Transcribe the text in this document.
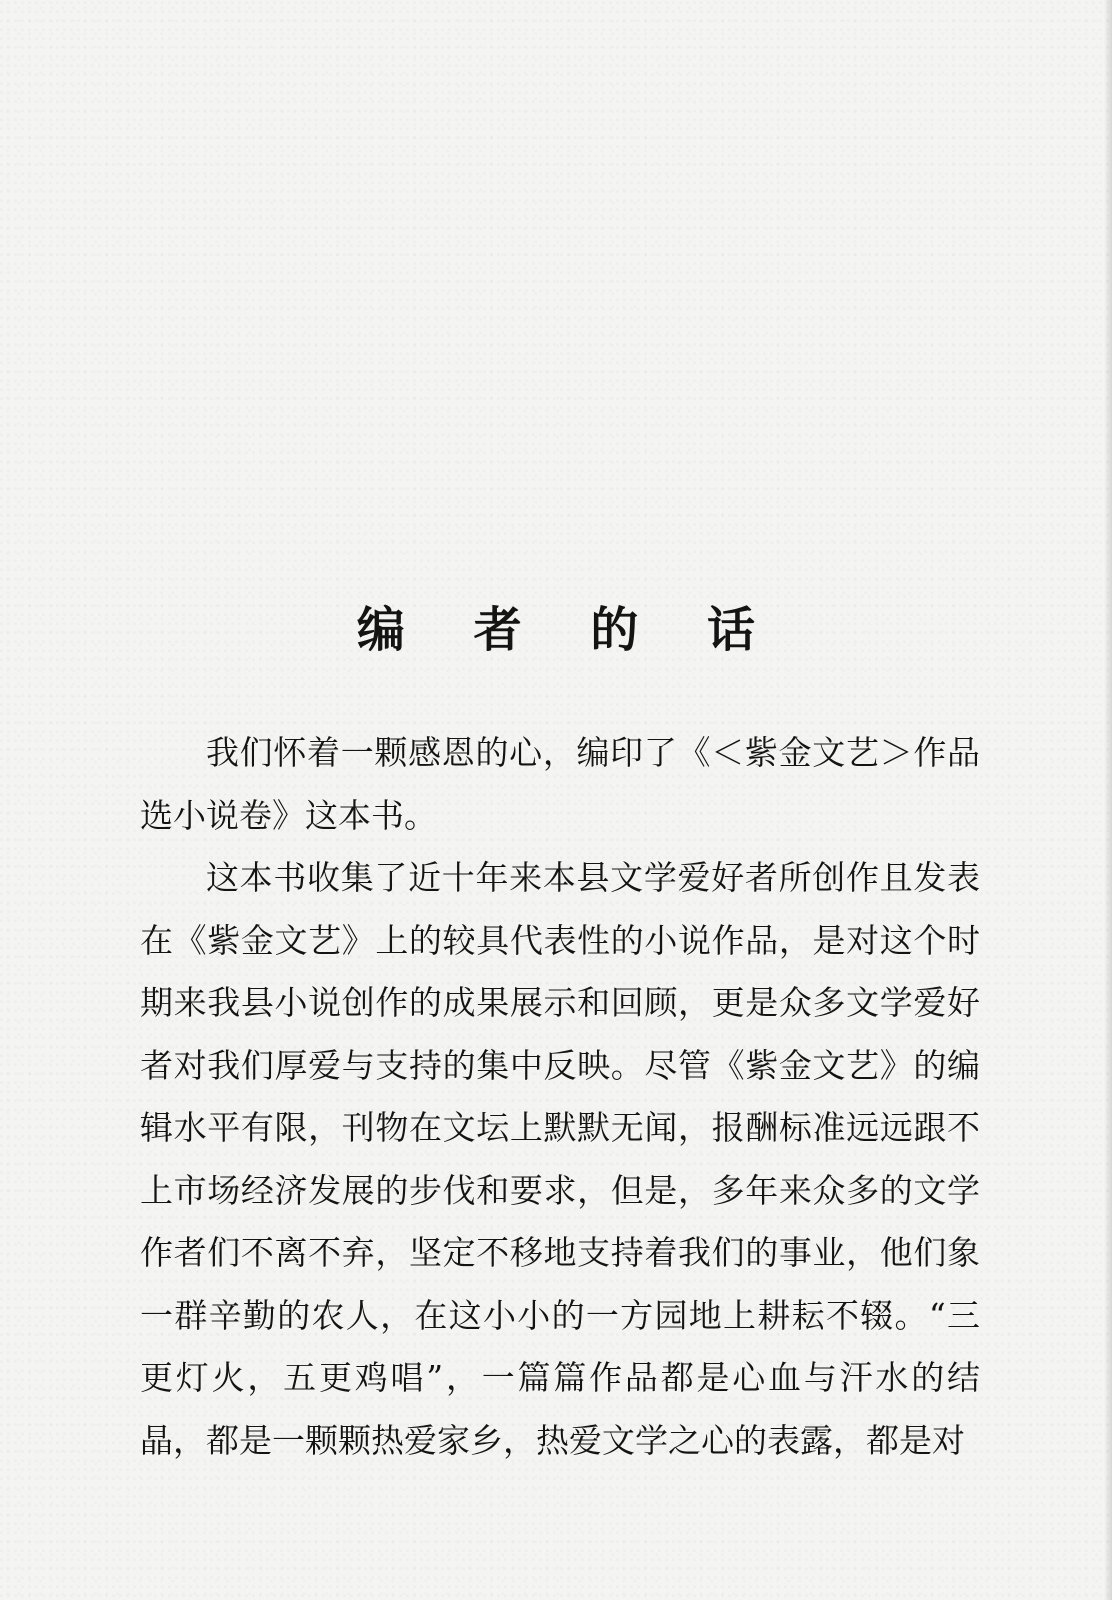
编 者 的 话

我们怀着一颗感恩的心，编印了《＜紫金文艺＞作品选小说卷》这本书。

这本书收集了近十年来本县文学爱好者所创作且发表在《紫金文艺》上的较具代表性的小说作品，是对这个时期来我县小说创作的成果展示和回顾，更是众多文学爱好者对我们厚爱与支持的集中反映。尽管《紫金文艺》的编辑水平有限，刊物在文坛上默默无闻，报酬标准远远跟不上市场经济发展的步伐和要求，但是，多年来众多的文学作者们不离不弃，坚定不移地支持着我们的事业，他们象一群辛勤的农人，在这小小的一方园地上耕耘不辍。“三更灯火，五更鸡唱”，一篇篇作品都是心血与汗水的结晶，都是一颗颗热爱家乡，热爱文学之心的表露，都是对
